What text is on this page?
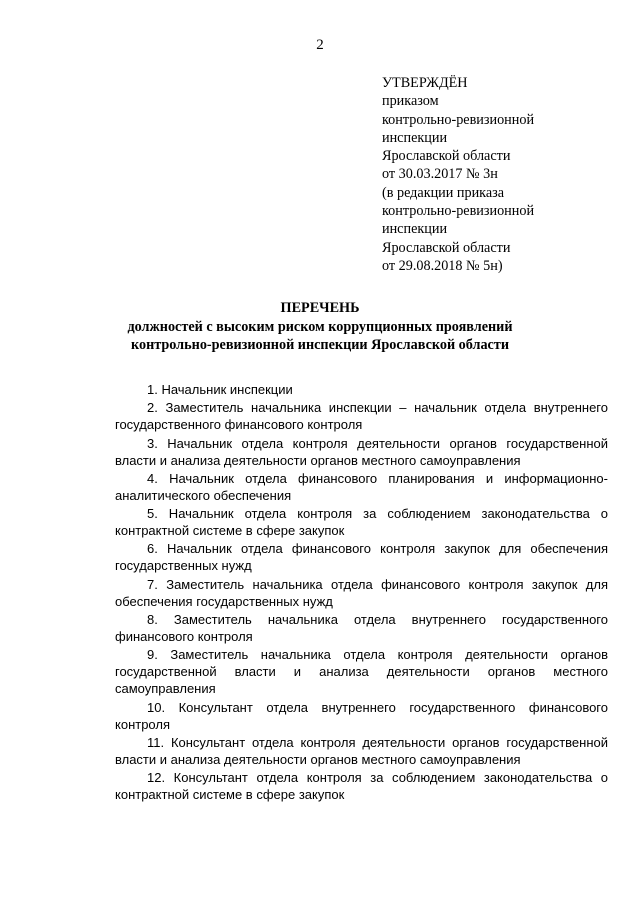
2
УТВЕРЖДЁН
приказом
контрольно-ревизионной
инспекции
Ярославской области
от 30.03.2017 № 3н
(в редакции приказа
контрольно-ревизионной
инспекции
Ярославской области
от 29.08.2018 № 5н)
ПЕРЕЧЕНЬ
должностей с высоким риском коррупционных проявлений
контрольно-ревизионной инспекции Ярославской области

1. Начальник инспекции

2. Заместитель начальника инспекции – начальник отдела внутреннего государственного финансового контроля

3. Начальник отдела контроля деятельности органов государственной власти и анализа деятельности органов местного самоуправления

4. Начальник отдела финансового планирования и информационно-аналитического обеспечения

5. Начальник отдела контроля за соблюдением законодательства о контрактной системе в сфере закупок

6. Начальник отдела финансового контроля закупок для обеспечения государственных нужд

7. Заместитель начальника отдела финансового контроля закупок для обеспечения государственных нужд

8. Заместитель начальника отдела внутреннего государственного финансового контроля

9. Заместитель начальника отдела контроля деятельности органов государственной власти и анализа деятельности органов местного самоуправления

10. Консультант отдела внутреннего государственного финансового контроля

11. Консультант отдела контроля деятельности органов государственной власти и анализа деятельности органов местного самоуправления

12. Консультант отдела контроля за соблюдением законодательства о контрактной системе в сфере закупок
